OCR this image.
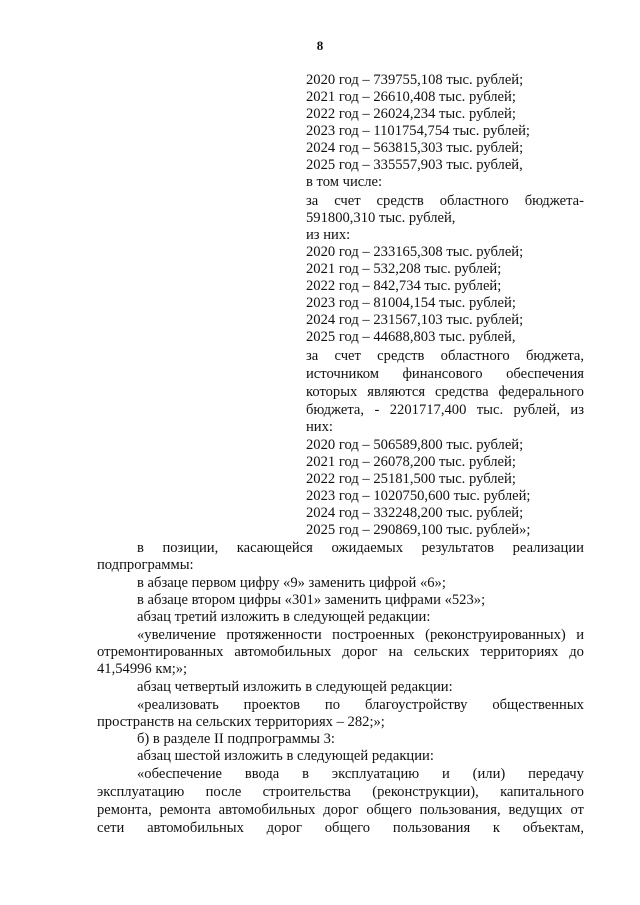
8
2020 год – 739755,108 тыс. рублей;
2021 год – 26610,408 тыс. рублей;
2022 год – 26024,234 тыс. рублей;
2023 год – 1101754,754 тыс. рублей;
2024 год – 563815,303 тыс. рублей;
2025 год – 335557,903 тыс. рублей,
в том числе:
за счет средств областного бюджета-
591800,310 тыс. рублей,
из них:
2020 год – 233165,308 тыс. рублей;
2021 год – 532,208 тыс. рублей;
2022 год – 842,734 тыс. рублей;
2023 год – 81004,154 тыс. рублей;
2024 год – 231567,103 тыс. рублей;
2025 год – 44688,803 тыс. рублей,
за счет средств областного бюджета,
источником финансового обеспечения
которых являются средства федерального
бюджета, - 2201717,400 тыс. рублей, из
них:
2020 год – 506589,800 тыс. рублей;
2021 год – 26078,200 тыс. рублей;
2022 год – 25181,500 тыс. рублей;
2023 год – 1020750,600 тыс. рублей;
2024 год – 332248,200 тыс. рублей;
2025 год – 290869,100 тыс. рублей»;
в позиции, касающейся ожидаемых результатов реализации
подпрограммы:
в абзаце первом цифру «9» заменить цифрой «6»;
в абзаце втором цифры «301» заменить цифрами «523»;
абзац третий изложить в следующей редакции:
«увеличение протяженности построенных (реконструированных) и
отремонтированных автомобильных дорог на сельских территориях до
41,54996 км;»;
абзац четвертый изложить в следующей редакции:
«реализовать проектов по благоустройству общественных
пространств на сельских территориях – 282;»;
б) в разделе II подпрограммы 3:
абзац шестой изложить в следующей редакции:
«обеспечение ввода в эксплуатацию и (или) передачу
эксплуатацию после строительства (реконструкции), капитального
ремонта, ремонта автомобильных дорог общего пользования, ведущих от
сети автомобильных дорог общего пользования к объектам,
